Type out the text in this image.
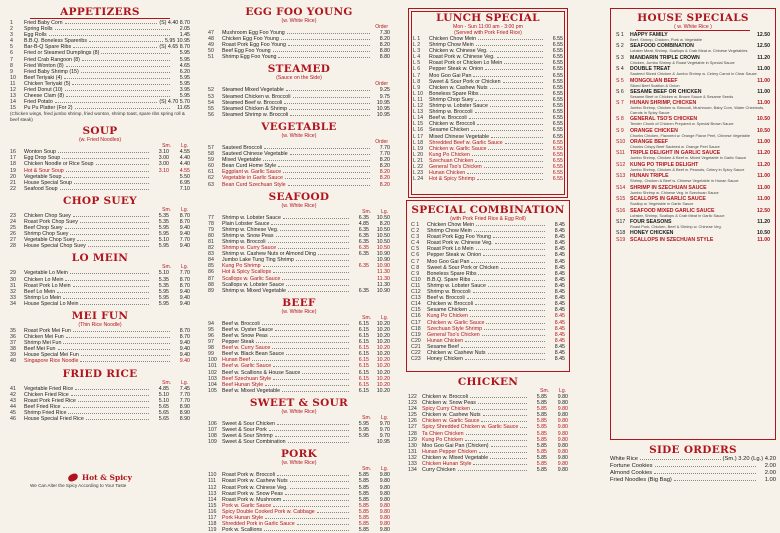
APPETIZERS
1	Fried Baby Corn	(S) 4.40 8.70
2	Spring Rolls	2.05
3	Egg Rolls	1.45
4	B.B.Q. Boneless Spareribs	5.95 10.95
5	Bar-B-Q Spare Ribs	(S) 4.65 8.70
6	Fried or Steamed Dumplings (8)	5.95
7	Fried Crab Rangoon (8)	5.95
8	Fried Wonton (8)	4.65
9	Fried Baby Shrimp (15)	6.20
10	Beef Teriyaki (4)	5.95
11	Chicken Teriyaki (5)	5.95
12	Fried Donut (10)	3.95
13	Cheese Clam (8)	5.95
14	Fried Potato	(S) 4.70 5.70
15	Pu Pu Platter (For 2)	11.65
(Chicken wings, fried jumbo shrimp, fried wonton, shrimp toast, spare ribs spring roll & beef steak)
SOUP
(w. Fried Noodles)
Sm. Lg.
16	Wonton Soup	3.10	4.55
17	Egg Drop Soup	3.00	4.40
18	Chicken Noodle or Rice Soup	3.00	4.40
19	Hot & Sour Soup	3.10	4.55
20	Vegetable Soup	5.50
21	House Special Soup	6.95
22	Seafood Soup	7.10
CHOP SUEY
Sm. Lg.
23	Chicken Chop Suey	5.35	8.70
24	Roast Pork Chop Suey	5.35	8.70
25	Beef Chop Suey	5.95	9.40
26	Shrimp Chop Suey	5.95	9.40
27	Vegetable Chop Suey	5.10	7.70
28	House Special Chop Suey	5.95	9.40
LO MEIN
Sm. Lg.
29	Vegetable Lo Mein	5.10	7.70
30	Chicken Lo Mein	5.35	8.70
31	Roast Pork Lo Mein	5.35	8.70
32	Beef Lo Mein	5.95	9.40
33	Shrimp Lo Mein	5.95	9.40
34	House Special Lo Mein	5.95	9.40
MEI FUN
(Thin Rice Noodle)
35	Roast Pork Mei Fun	8.70
36	Chicken Mei Fun	8.70
37	Shrimp Mei Fun	9.40
38	Beef Mei Fun	9.40
39	House Special Mei Fun	9.40
40	Singapore Rice Noodle	9.40
FRIED RICE
Sm. Lg.
41	Vegetable Fried Rice	4.85	7.45
42	Chicken Fried Rice	5.10	7.70
43	Roast Pork Fried Rice	5.10	7.70
44	Beef Fried Rice	5.65	8.90
45	Shrimp Fried Rice	5.65	8.90
46	House Special Fried Rice	5.65	8.90
Hot & Spicy
We Can Alter the Spicy According to Your Taste
EGG FOO YOUNG
(w. White Rice)
Order
47	Mushroom Egg Foo Young	7.30
48	Chicken Egg Foo Young	8.20
49	Roast Pork Egg Foo Young	8.20
50	Beef Egg Foo Young	8.80
51	Shrimp Egg Foo Young	8.80
STEAMED
(Sauce on the Side)
Order
52	Steamed Mixed Vegetable	9.25
53	Steamed Chicken w. Broccoli	9.75
54	Steamed Beef w. Broccoli	10.95
55	Steamed Chicken & Shrimp	10.95
56	Steamed Shrimp w. Broccoli	10.95
VEGETABLE
(w. White Rice)
Order
57	Sauteed Broccoli	7.70
58	Sauteed Chinese Vegetable	7.70
59	Mixed Vegetable	8.20
60	Bean Curd Home Style	8.20
61	Eggplant w. Garlic Sauce	8.20
62	Vegetable in Garlic Sauce	8.20
63	Bean Curd Szechuan Style	8.20
SEAFOOD
(w. White Rice)
Sm. Lg.
77	Shrimp w. Lobster Sauce	6.35	10.50
78	Plain Lobster Sauce	4.85	8.20
79	Shrimp w. Chinese Veg.	6.35	10.50
80	Shrimp w. Snow Peas	6.35	10.50
81	Shrimp w. Broccoli	6.35	10.50
82	Shrimp w. Curry Sauce	6.35	10.50
83	Shrimp w. Cashew Nuts or Almond Ding	6.35	10.90
84	Jumbo Lake Tung Ting Shrimp	10.90
85	Kung Po Shrimp	6.35	10.90
86	Hot & Spicy Scallops	11.30
87	Scallops w. Garlic Sauce	11.30
88	Scallops w. Lobster Sauce	11.30
89	Shrimp w. Mixed Vegetable	6.35	10.90
BEEF
(w. White Rice)
Sm. Lg.
94	Beef w. Broccoli	6.15	10.20
95	Beef w. Oyster Sauce	6.15	10.20
96	Beef w. Snow Peas	6.15	10.20
97	Pepper Steak	6.15	10.20
98	Beef w. Curry Sauce	6.15	10.20
99	Beef w. Black Bean Sauce	6.15	10.20
100 Hunan Beef	6.15	10.20
101 Beef w. Garlic Sauce	6.15	10.20
102 Beef w. Scallions & House Sauce	6.15	10.20
103 Beef Szechuan Style	6.15	10.20
104 Beef Hunan Style	6.15	10.20
105 Beef w. Mixed Vegetable	6.15	10.20
SWEET & SOUR
(w. White Rice)
Sm. Lg.
106 Sweet & Sour Chicken	5.95	9.70
107 Sweet & Sour Pork	5.95	9.70
108 Sweet & Sour Shrimp	5.95	9.70
109 Sweet & Sour Combination	10.95
PORK
(w. White Rice)
Sm. Lg.
110	Roast Pork w. Broccoli	5.85	9.80
111	Roast Pork w. Cashew Nuts	5.85	9.80
112	Roast Pork w. Chinese Veg.	5.85	9.80
113	Roast Pork w. Snow Peas	5.85	9.80
114	Roast Pork w. Mushroom	5.85	9.80
115	Pork w. Garlic Sauce	5.85	9.80
116	Spicy Double Cooked Pork w. Cabbage	5.85	9.80
117	Pork Hunan Style	5.85	9.80
118	Shredded Pork in Garlic Sauce	5.85	9.80
119	Pork w. Scallions	5.85	9.80
LUNCH SPECIAL
Mon - Sun 11:00 am - 3:00 pm
(Served with Pork Fried Rice)
L 1	Chicken Chow Mein	6.55
L 2	Shrimp Chow Mein	6.55
L 3	Chicken w. Chinese Veg.	6.55
L 4	Roast Pork w. Chinese Veg.	6.55
L 5	Roast Pork or Chicken Lo Mein	6.55
L 6	Pepper Steak w. Onion	6.55
L 7	Moo Goo Gai Pan	6.55
L 8	Sweet & Sour Pork or Chicken	6.55
L 9	Chicken w. Cashew Nuts	6.55
L 10	Boneless Spare Ribs	6.55
L 11	Shrimp Chop Suey	6.55
L 12	Shrimp w. Lobster Sauce	6.55
L 13	Shrimp w. Broccoli	6.55
L 14	Beef w. Broccoli	6.55
L 15	Chicken w. Broccoli	6.55
L 16	Sesame Chicken	6.55
L 17	Mixed Chinese Vegetable	6.55
L 18	Shredded Beef w. Garlic Sauce	6.55
L 19	Chicken w. Garlic Sauce	6.55
L 20	Kung Po Chicken	6.55
L 21	Szechuan Chicken	6.55
L 22	General Tso's Chicken	6.55
L 23	Hunan Chicken	6.55
L 24	Hot & Spicy Shrimp	6.55
SPECIAL COMBINATION
(with Pork Fried Rice & Egg Roll)
C 1	Chicken Chow Mein	8.45
C 2	Shrimp Chow Mein	8.45
C 3	Roast Pork Egg Foo Young	8.45
C 4	Roast Pork w. Chinese Veg.	8.45
C 5	Roast Pork Lo Mein	8.45
C 6	Pepper Steak w. Onion	8.45
C 7	Moo Goo Gai Pan	8.45
C 8	Sweet & Sour Pork or Chicken	8.45
C 9	Boneless Spare Ribs	8.45
C10	B.B.Q. Spare Ribs	8.45
C11	Shrimp w. Lobster Sauce	8.45
C12	Shrimp w. Broccoli	8.45
C13	Beef w. Broccoli	8.45
C14	Chicken w. Broccoli	8.45
C15	Sesame Chicken	8.45
C16	Kung Po Chicken	8.45
C17	Chicken w. Garlic Sauce	8.45
C18	Szechuan Style Shrimp	8.45
C19	General Tso's Chicken	8.45
C20	Hunan Chicken	8.45
C21	Sesame Beef	8.45
C22	Chicken w. Cashew Nuts	8.45
C23	Honey Chicken	8.45
CHICKEN
Sm. Lg.
122 Chicken w. Broccoli	5.85	9.80
123 Chicken w. Snow Peas	5.85	9.80
124 Spicy Curry Chicken	5.85	9.80
125 Chicken w. Cashew Nuts	5.85	9.80
126 Chicken w. Garlic Sauce	5.85	9.80
127 Spicy Shredded Chicken w. Garlic Sauce	5.85	9.80
128 Ta Chien Chicken	5.85	9.80
129 Kung Po Chicken	5.85	9.80
130 Moo Goo Gai Pan (Chicken)	5.85	9.80
131 Hunan Pepper Chicken	5.85	9.80
132 Chicken w. Mixed Vegetable	5.85	9.80
133 Chicken Hunan Style	5.85	9.80
134 Curry Chicken	5.85	9.80
HOUSE SPECIALS
( w. White Rice )
S 1	HAPPY FAMILY	12.50
Beef, Shrimp, Chicken, Pork w. Vegetable
S 2	SEAFOOD COMBINATION	12.50
Lobster Meat, Shrimp, Scallops & Crab Meat w. Chinese Vegetables
S 3	MANDARIN TRIPLE CROWN	11.20
Chicken, Jumbo Shrimp & Roast Vegetable in Special Sauce
S 4	DOUBLE TREAT	11.00
Sauteed Sliced Chicken & Jumbo Shrimp w. Celery Carrot in Clear Sauce
S 5	MONGOLIAN BEEF	11.00
Sliced Beef Scallion & Onion
S 6	SESAME BEEF OR CHICKEN	11.00
Sesame Beef or Chicken w. Brown Sauce & Sesame Seeds
S 7	HUNAN SHRIMP, CHICKEN	11.00
Jumbo Shrimp, Chicken w. Broccoli, Mushroom, Baby Corn, Water Chestnuts, Carrots in Spicy Sauce
S 8	GENERAL TSO'S CHICKEN	10.50
Tender Chunk of Chicken Prepared w. Special Brown Sauce
S 9	ORANGE CHICKEN	10.50
Chunks Chicken, Flavored w. Orange Flavor Peel, Chinese Vegetable
S10 ORANGE BEEF	11.00
Chunks Crispy Beef Sauteed w. Orange Peel Sauce
S11 TRIPLE DELIGHT IN GARLIC SAUCE	11.20
Jumbo Shrimp, Chicken & Beef w. Mixed Vegetable in Garlic Sauce
S12 KUNG PO TRIPLE DELIGHT	11.20
Jumbo Shrimp, Chicken & Beef w. Peanuts, Celery in Spicy Sauce
S13 HUNAN TRIPLE	11.00
Shrimp, Chicken & Beef w. Chinese Vegetable in Hunan Sauce
S14 SHRIMP IN SZECHUAN SAUCE	11.00
Jumbo Shrimp w. Chinese Veg. in Szechuan Sauce
S15 SCALLOPS IN GARLIC SAUCE	11.00
Scallop w. Vegetable in Garlic Sauce
S16 SEAFOOD MIXED GARLIC SAUCE	12.50
Lobster, Shrimp, Scallops & Crab Meat in Garlic Sauce
S17 FOUR SEASONS	11.20
Roast Pork, Chicken, Beef & Shrimp w. Chinese Veg.
S18 HONEY CHICKEN	10.50
S19 SCALLOPS IN SZECHUAN STYLE	11.00
SIDE ORDERS
White Rice	(Sm.) 3.20 (Lg.) 4.20
Fortune Cookies	2.00
Almond Cookies	2.00
Fried Noodles (Big Bag)	1.00
